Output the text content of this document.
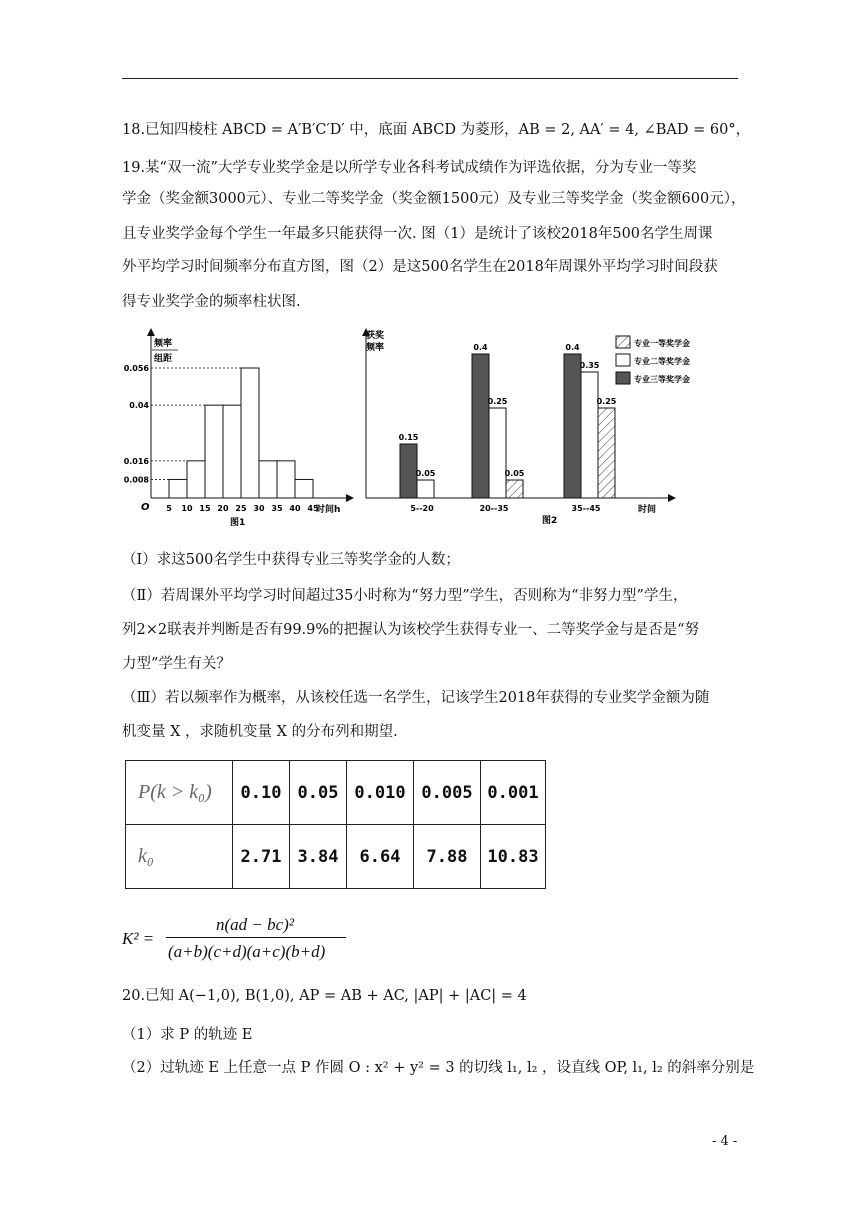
18.已知四棱柱 ABCD = A′B′C′D′ 中，底面 ABCD 为菱形，AB = 2, AA′ = 4, ∠BAD = 60°，
19.某“双一流”大学专业奖学金是以所学专业各科考试成绩作为评选依据，分为专业一等奖
学金（奖金额3000元）、专业二等奖学金（奖金额1500元）及专业三等奖学金（奖金额600元），
且专业奖学金每个学生一年最多只能获得一次. 图（1）是统计了该校2018年500名学生周课
外平均学习时间频率分布直方图，图（2）是这500名学生在2018年周课外平均学习时间段获
得专业奖学金的频率柱状图.
频率
组距
O	时间h
图1
0.008
0.016
0.04
0.056
5 10 15 20 25 30 35 40 45
获奖
频率
时间
图2
0.15
0.05
0.4
0.25
0.05
0.4
0.35
0.25
5--20	20--35	35--45
专业一等奖学金
专业二等奖学金
专业三等奖学金
（Ⅰ）求这500名学生中获得专业三等奖学金的人数；
（Ⅱ）若周课外平均学习时间超过35小时称为“努力型”学生，否则称为“非努力型”学生，
列2×2联表并判断是否有99.9%的把握认为该校学生获得专业一、二等奖学金与是否是“努
力型”学生有关？
（Ⅲ）若以频率作为概率，从该校任选一名学生，记该学生2018年获得的专业奖学金额为随
机变量 X ，求随机变量 X 的分布列和期望.
P(k > k₀)	0.10	0.05	0.010	0.005	0.001
k₀	2.71	3.84	6.64	7.88	10.83
K² =
n(ad − bc)²
(a+b)(c+d)(a+c)(b+d)
20.已知 A(−1,0), B(1,0), AP = AB + AC, |AP| + |AC| = 4
（1）求 P 的轨迹 E
（2）过轨迹 E 上任意一点 P 作圆 O : x² + y² = 3 的切线 l₁, l₂ ，设直线 OP, l₁, l₂ 的斜率分别是
- 4 -
